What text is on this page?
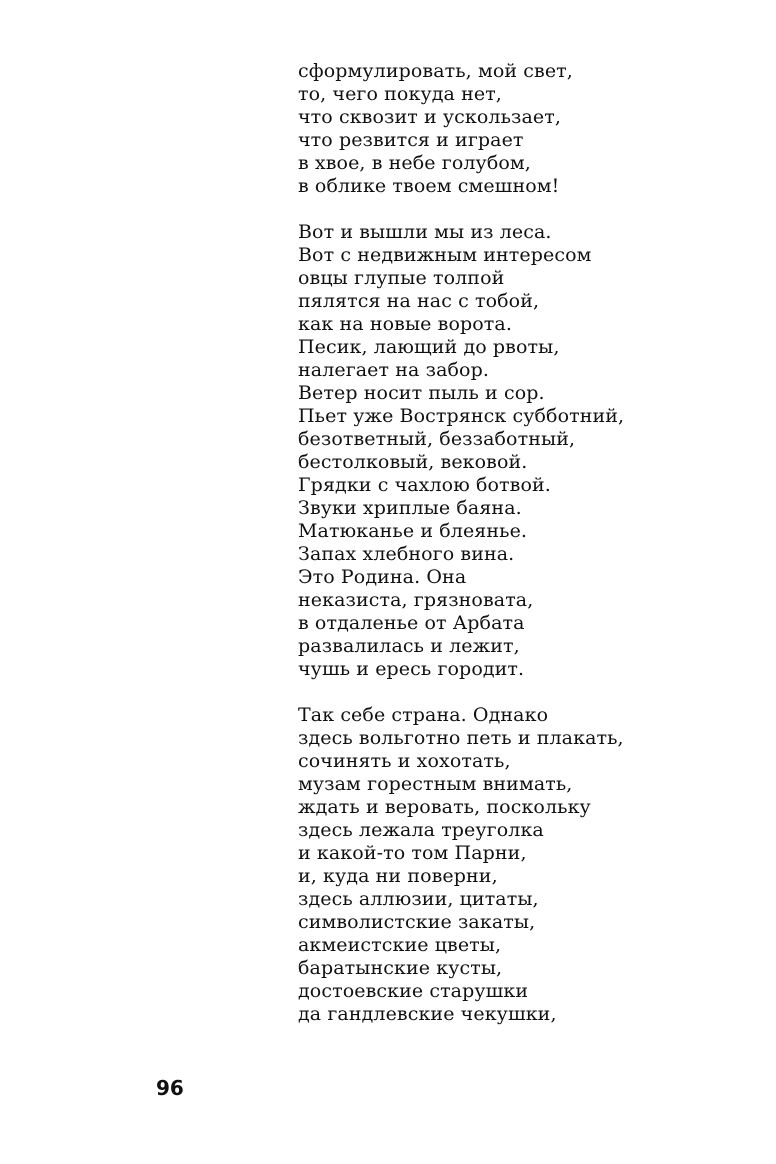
сформулировать, мой свет,
то, чего покуда нет,
что сквозит и ускользает,
что резвится и играет
в хвое, в небе голубом,
в облике твоем смешном!
Вот и вышли мы из леса.
Вот с недвижным интересом
овцы глупые толпой
пялятся на нас с тобой,
как на новые ворота.
Песик, лающий до рвоты,
налегает на забор.
Ветер носит пыль и сор.
Пьет уже Вострянск субботний,
безответный, беззаботный,
бестолковый, вековой.
Грядки с чахлою ботвой.
Звуки хриплые баяна.
Матюканье и блеянье.
Запах хлебного вина.
Это Родина. Она
неказиста, грязновата,
в отдаленье от Арбата
развалилась и лежит,
чушь и ересь городит.
Так себе страна. Однако
здесь вольготно петь и плакать,
сочинять и хохотать,
музам горестным внимать,
ждать и веровать, поскольку
здесь лежала треуголка
и какой-то том Парни,
и, куда ни поверни,
здесь аллюзии, цитаты,
символистские закаты,
акмеистские цветы,
баратынские кусты,
достоевские старушки
да гандлевские чекушки,

96
